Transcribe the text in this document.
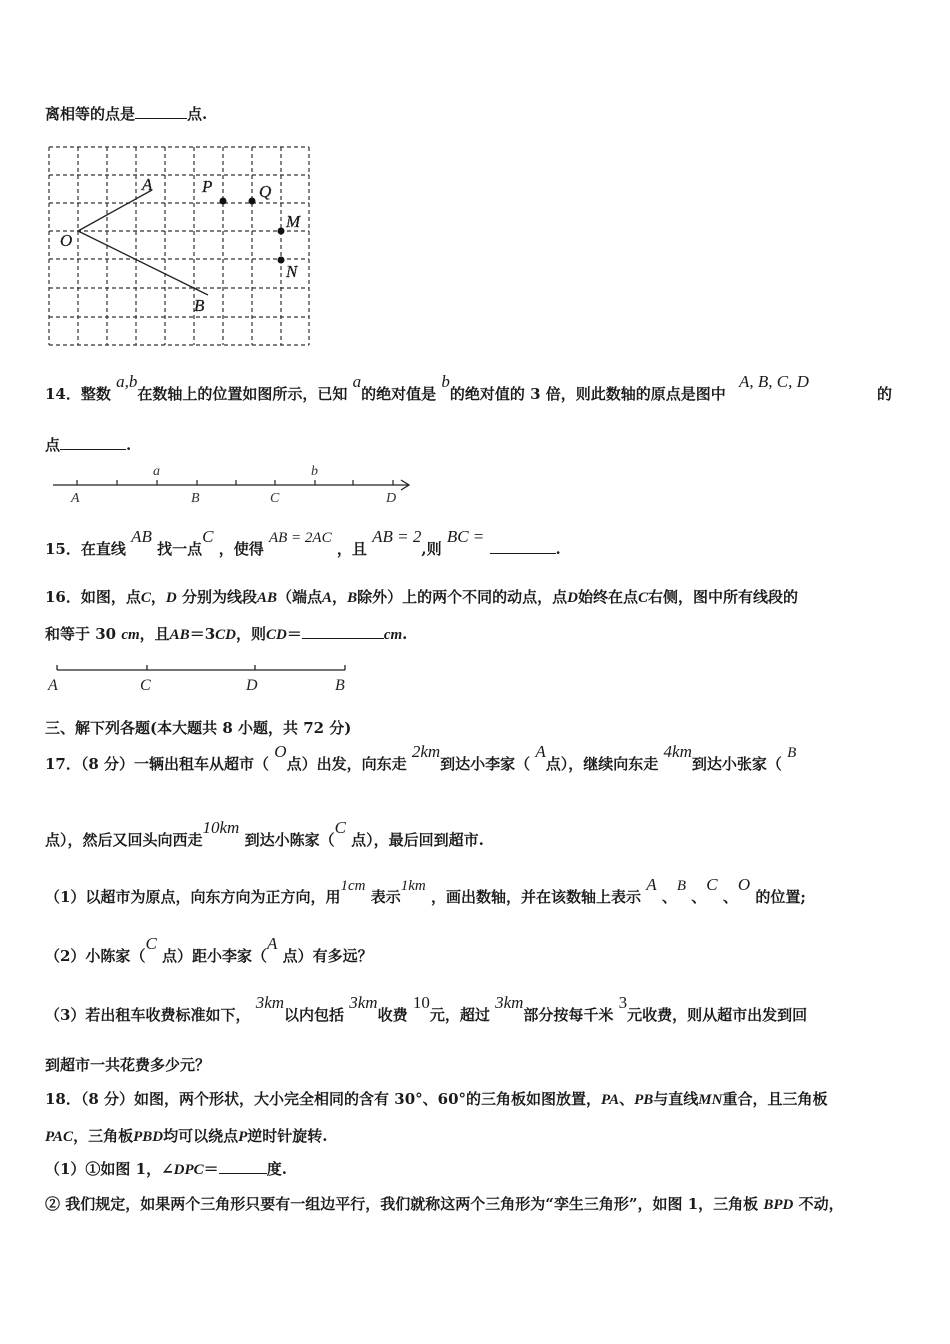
离相等的点是	点.
O
A
B
P	Q
M
N
14．整数 a,b在数轴上的位置如图所示，已知 a的绝对值是 b的绝对值的 3 倍，则此数轴的原点是图中 A, B, C, D
的
点	.
a	b
A	B	C	D
15．在直线 AB 找一点C ，使得 AB = 2AC ，且 AB = 2,则 BC = .
16．如图，点C，D 分别为线段AB（端点A，B除外）上的两个不同的动点，点D始终在点C右侧，图中所有线段的
和等于 30 cm，且AB＝3CD，则CD＝	cm.
A	C	D	B
三、解下列各题(本大题共 8 小题，共 72 分)
17．（8 分）一辆出租车从超市（ O点）出发，向东走 2km到达小李家（ A点），继续向东走 4km到达小张家（ B
点），然后又回头向西走10km 到达小陈家（C 点），最后回到超市.
（1）以超市为原点，向东方向为正方向，用1cm 表示1km ，画出数轴，并在该数轴上表示 A 、B 、C 、O 的位置;
（2）小陈家（C 点）距小李家（A 点）有多远？
（3）若出租车收费标准如下， 3km以内包括 3km收费 10元，超过 3km部分按每千米 3元收费，则从超市出发到回
到超市一共花费多少元？
18．（8 分）如图，两个形状，大小完全相同的含有 30°、60°的三角板如图放置，PA、PB与直线MN重合，且三角板
PAC，三角板PBD均可以绕点P逆时针旋转.
（1）①如图 1，∠DPC＝	度.
② 我们规定，如果两个三角形只要有一组边平行，我们就称这两个三角形为“孪生三角形”，如图 1，三角板 BPD 不动，
